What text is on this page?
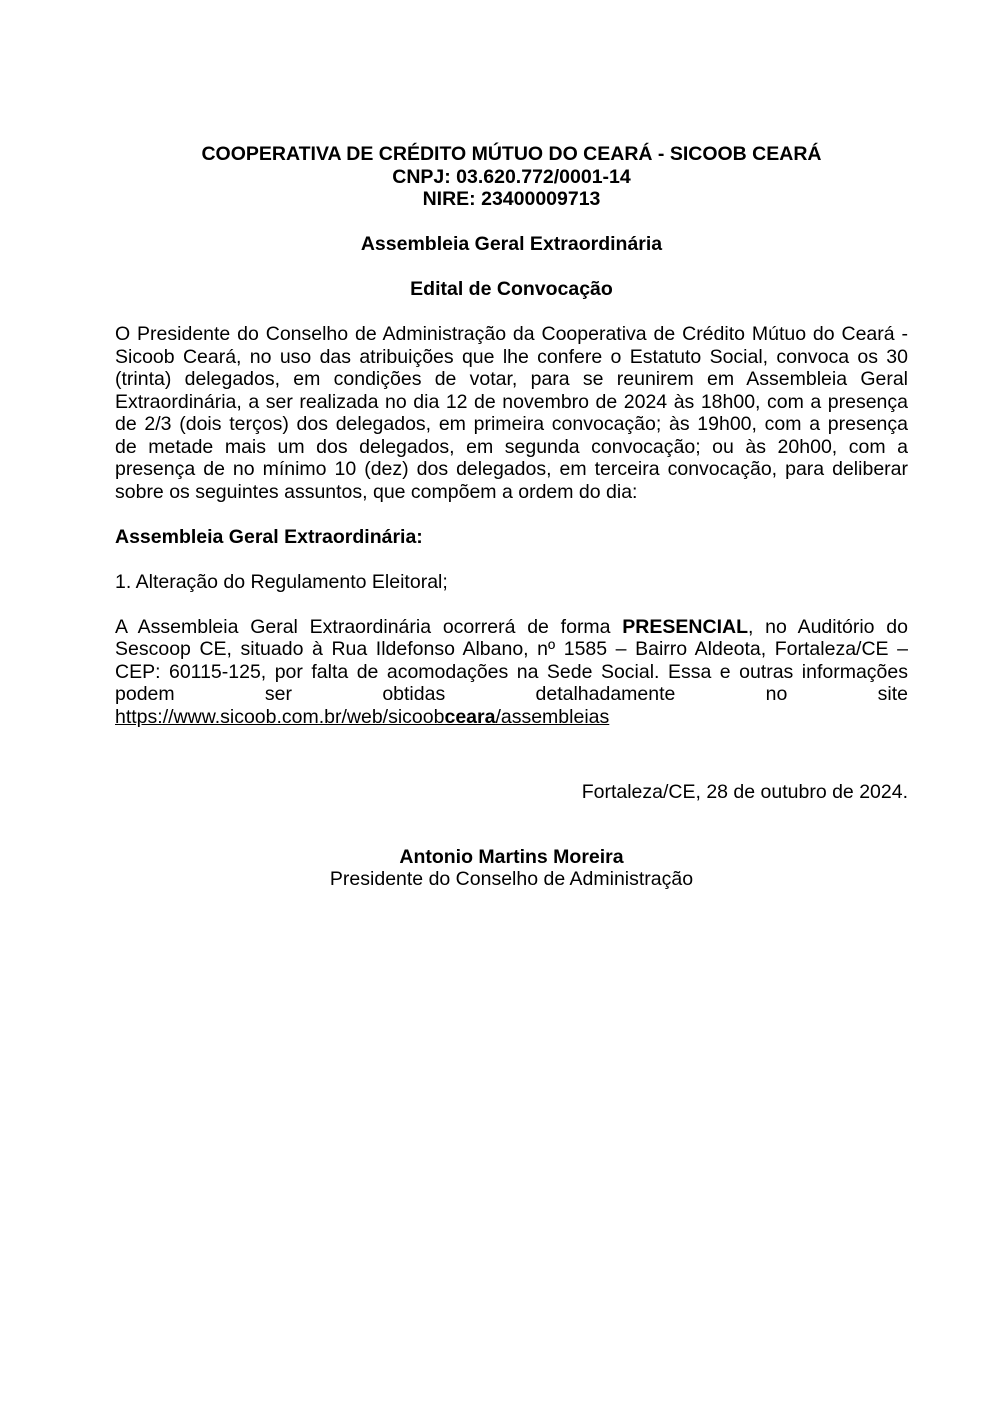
COOPERATIVA DE CRÉDITO MÚTUO DO CEARÁ - SICOOB CEARÁ
CNPJ: 03.620.772/0001-14
NIRE: 23400009713
Assembleia Geral Extraordinária
Edital de Convocação
O Presidente do Conselho de Administração da Cooperativa de Crédito Mútuo do Ceará -
Sicoob Ceará, no uso das atribuições que lhe confere o Estatuto Social, convoca os 30
(trinta) delegados, em condições de votar, para se reunirem em Assembleia Geral
Extraordinária, a ser realizada no dia 12 de novembro de 2024 às 18h00, com a presença
de 2/3 (dois terços) dos delegados, em primeira convocação; às 19h00, com a presença
de metade mais um dos delegados, em segunda convocação; ou às 20h00, com a
presença de no mínimo 10 (dez) dos delegados, em terceira convocação, para deliberar
sobre os seguintes assuntos, que compõem a ordem do dia:
Assembleia Geral Extraordinária:
1. Alteração do Regulamento Eleitoral;
A Assembleia Geral Extraordinária ocorrerá de forma PRESENCIAL, no Auditório do
Sescoop CE, situado à Rua Ildefonso Albano, nº 1585 – Bairro Aldeota, Fortaleza/CE –
CEP: 60115-125, por falta de acomodações na Sede Social. Essa e outras informações
podem ser obtidas detalhadamente no site
https://www.sicoob.com.br/web/sicoobceara/assembleias
Fortaleza/CE, 28 de outubro de 2024.
Antonio Martins Moreira
Presidente do Conselho de Administração
